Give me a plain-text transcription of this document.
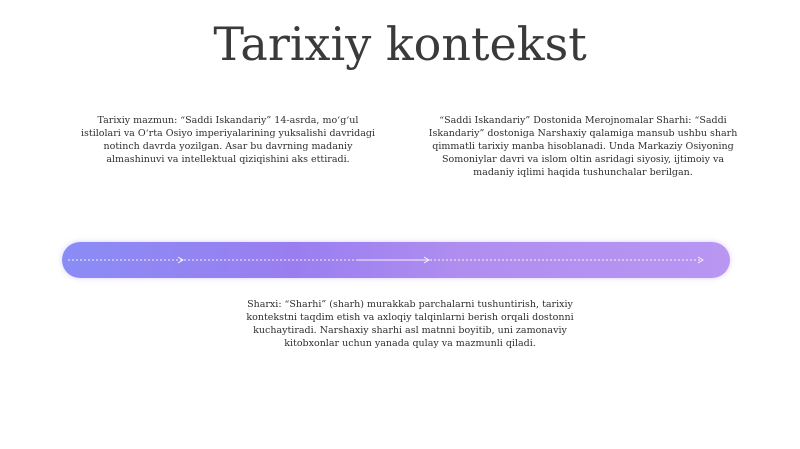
Tarixiy kontekst
Tarixiy mazmun: “Saddi Iskandariy” 14-asrda, mo‘g‘ul istilolari va O‘rta Osiyo imperiyalarining yuksalishi davridagi notinch davrda yozilgan. Asar bu davrning madaniy almashinuvi va intellektual qiziqishini aks ettiradi.
“Saddi Iskandariy” Dostonida Merojnomalar Sharhi: “Saddi Iskandariy” dostoniga Narshaxiy qalamiga mansub ushbu sharh qimmatli tarixiy manba hisoblanadi. Unda Markaziy Osiyoning Somoniylar davri va islom oltin asridagi siyosiy, ijtimoiy va madaniy iqlimi haqida tushunchalar berilgan.
Sharxi: “Sharhi” (sharh) murakkab parchalarni tushuntirish, tarixiy kontekstni taqdim etish va axloqiy talqinlarni berish orqali dostonni kuchaytiradi. Narshaxiy sharhi asl matnni boyitib, uni zamonaviy kitobxonlar uchun yanada qulay va mazmunli qiladi.
